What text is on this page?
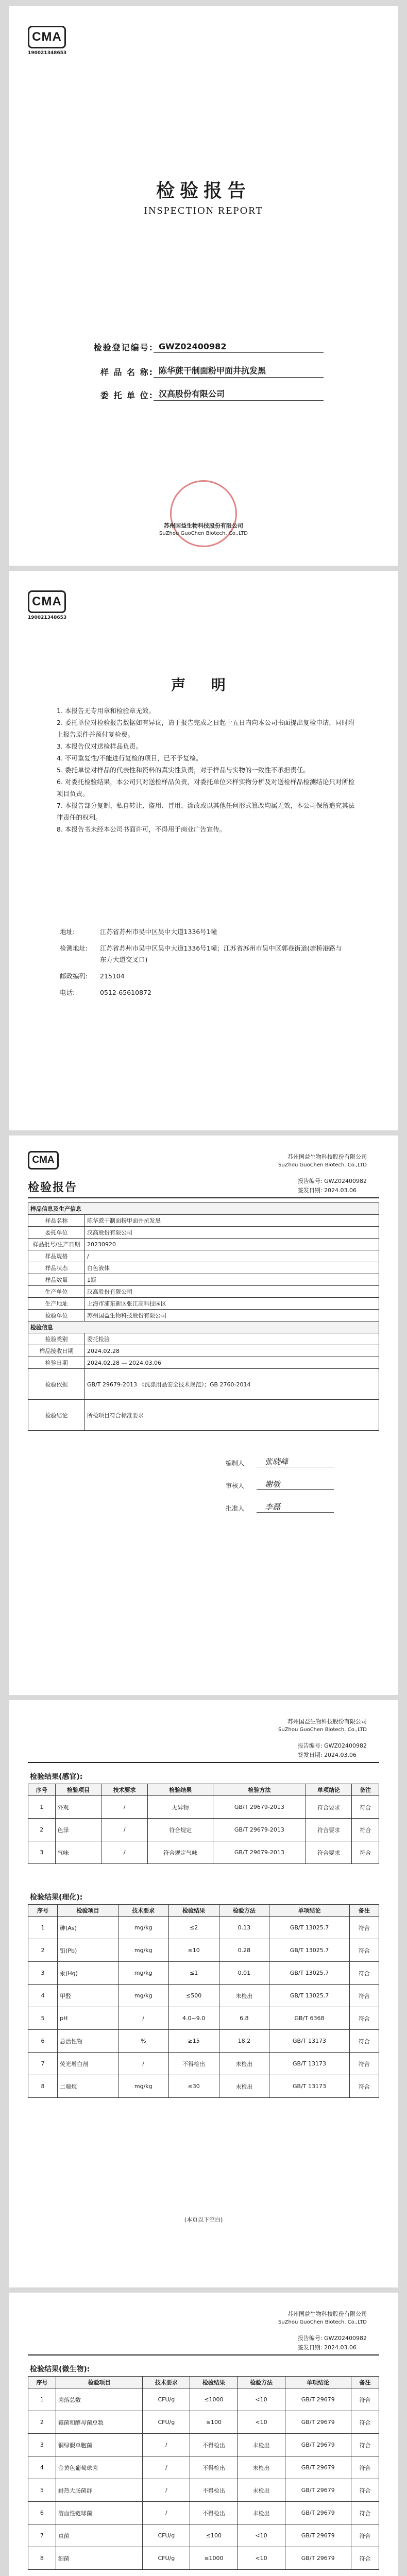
CMA
190021348653
检验报告
INSPECTION REPORT
检验登记编号: GWZ02400982
样 品 名 称: 陈华蔗干制面粉甲面井抗发黑
委 托 单 位: 汉高股份有限公司
苏州国益生物科技股份有限公司
SuZhou GuoChen Biotech. Co.,LTD
CMA
190021348653
声 明
1. 本报告无专用章和检验章无效。
2. 委托单位对检验报告数据如有异议，请于报告完成之日起十五日内向本公司书面提出复检申请，同时附上报告原件并预付复检费。
3. 本报告仅对送检样品负责。
4. 不可重复性/不能进行复检的项目，已不予复检。
5. 委托单位对样品的代表性和资料的真实性负责，对于样品与实物的一致性不承担责任。
6. 对委托检验结果，本公司只对送检样品负责，对委托单位来样实物分析及对送检样品检测结论只对所检项目负责。
7. 本报告部分复制、私自转让、盗用、冒用、涂改或以其他任何形式篡改均属无效，本公司保留追究其法律责任的权利。
8. 本报告书未经本公司书面许可，不得用于商业广告宣传。
地址:	江苏省苏州市吴中区吴中大道1336号1幢
检测地址:	江苏省苏州市吴中区吴中大道1336号1幢；江苏省苏州市吴中区郭巷街道(塘桥港路与东方大道交叉口)
邮政编码:	215104
电话:	0512-65610872
CMA	苏州国益生物科技股份有限公司
SuZhou GuoChen Biotech. Co.,LTD
检验报告
报告编号: GWZ02400982
签发日期: 2024.03.06
样品信息及生产信息	
样品名称	陈华蔗干制面粉甲面井抗发黑
委托单位	汉高股份有限公司
样品批号/生产日期	20230920
样品规格	/
样品状态	白色液体
样品数量	1瓶
生产单位	汉高股份有限公司
生产地址	上海市浦东新区张江高科技园区
检验单位	苏州国益生物科技股份有限公司
检验信息	
检验类别	委托检验
样品接收日期	2024.02.28
检验日期	2024.02.28 — 2024.03.06
检验依据	GB/T 29679-2013 《洗涤用品安全技术规范》；GB 2760-2014
检验结论	所检项目符合标准要求
编制人	张晓峰
审核人	谢敏
批准人	李磊
苏州国益生物科技股份有限公司
SuZhou GuoChen Biotech. Co.,LTD
报告编号: GWZ02400982
签发日期: 2024.03.06
检验结果(感官):
序号	检验项目	技术要求	检验结果	检验方法	单项结论	备注
1	外观	/	无异物	GB/T 29679-2013	符合要求	符合
2	色泽	/	符合规定	GB/T 29679-2013	符合要求	符合
3	气味	/	符合规定气味	GB/T 29679-2013	符合要求	符合
检验结果(理化):
序号	检验项目	技术要求	检验结果	检验方法	单项结论	备注
1	砷(As)	mg/kg	≤2	0.13	GB/T 13025.7	符合
2	铅(Pb)	mg/kg	≤10	0.28	GB/T 13025.7	符合
3	汞(Hg)	mg/kg	≤1	0.01	GB/T 13025.7	符合
4	甲醛	mg/kg	≤500	未检出	GB/T 13025.7	符合
5	pH	/	4.0~9.0	6.8	GB/T 6368	符合
6	总活性物	%	≥15	18.2	GB/T 13173	符合
7	荧光增白剂	/	不得检出	未检出	GB/T 13173	符合
8	二噁烷	mg/kg	≤30	未检出	GB/T 13173	符合
(本页以下空白)
苏州国益生物科技股份有限公司
SuZhou GuoChen Biotech. Co.,LTD
报告编号: GWZ02400982
签发日期: 2024.03.06
检验结果(微生物):
序号	检验项目	技术要求	检验结果	检验方法	单项结论	备注
1	菌落总数	CFU/g	≤1000	<10	GB/T 29679	符合
2	霉菌和酵母菌总数	CFU/g	≤100	<10	GB/T 29679	符合
3	铜绿假单胞菌	/	不得检出	未检出	GB/T 29679	符合
4	金黄色葡萄球菌	/	不得检出	未检出	GB/T 29679	符合
5	耐热大肠菌群	/	不得检出	未检出	GB/T 29679	符合
6	溶血性链球菌	/	不得检出	未检出	GB/T 29679	符合
7	真菌	CFU/g	≤100	<10	GB/T 29679	符合
8	细菌	CFU/g	≤1000	<10	GB/T 29679	符合
